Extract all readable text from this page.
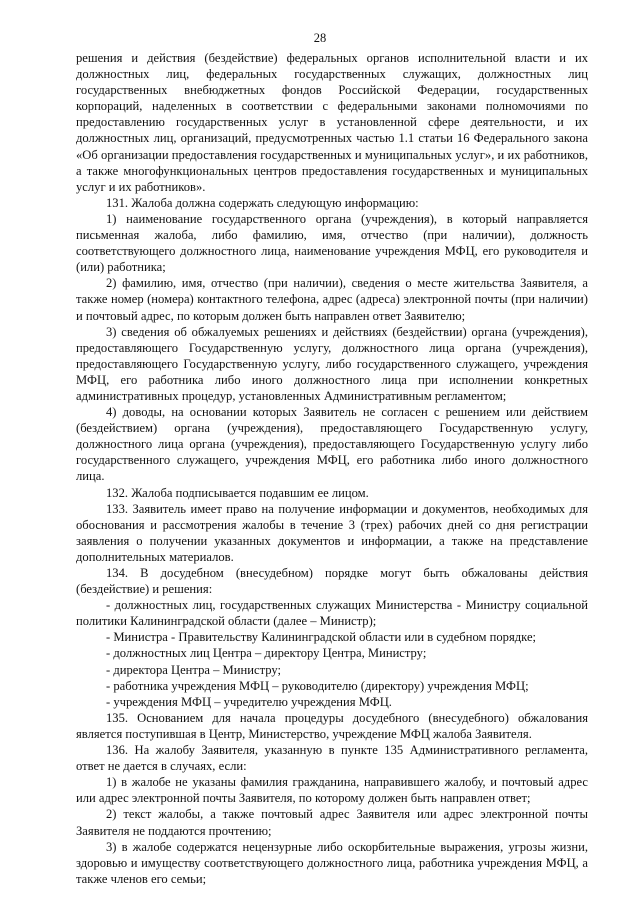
28

решения и действия (бездействие) федеральных органов исполнительной власти и их должностных лиц, федеральных государственных служащих, должностных лиц государственных внебюджетных фондов Российской Федерации, государственных корпораций, наделенных в соответствии с федеральными законами полномочиями по предоставлению государственных услуг в установленной сфере деятельности, и их должностных лиц, организаций, предусмотренных частью 1.1 статьи 16 Федерального закона «Об организации предоставления государственных и муниципальных услуг», и их работников, а также многофункциональных центров предоставления государственных и муниципальных услуг и их работников».

131. Жалоба должна содержать следующую информацию:

1) наименование государственного органа (учреждения), в который направляется письменная жалоба, либо фамилию, имя, отчество (при наличии), должность соответствующего должностного лица, наименование учреждения МФЦ, его руководителя и (или) работника;

2) фамилию, имя, отчество (при наличии), сведения о месте жительства Заявителя, а также номер (номера) контактного телефона, адрес (адреса) электронной почты (при наличии) и почтовый адрес, по которым должен быть направлен ответ Заявителю;

3) сведения об обжалуемых решениях и действиях (бездействии) органа (учреждения), предоставляющего Государственную услугу, должностного лица органа (учреждения), предоставляющего Государственную услугу, либо государственного служащего, учреждения МФЦ, его работника либо иного должностного лица при исполнении конкретных административных процедур, установленных Административным регламентом;

4) доводы, на основании которых Заявитель не согласен с решением или действием (бездействием) органа (учреждения), предоставляющего Государственную услугу, должностного лица органа (учреждения), предоставляющего Государственную услугу либо государственного служащего, учреждения МФЦ, его работника либо иного должностного лица.

132. Жалоба подписывается подавшим ее лицом.

133. Заявитель имеет право на получение информации и документов, необходимых для обоснования и рассмотрения жалобы в течение 3 (трех) рабочих дней со дня регистрации заявления о получении указанных документов и информации, а также на представление дополнительных материалов.

134. В досудебном (внесудебном) порядке могут быть обжалованы действия (бездействие) и решения:

- должностных лиц, государственных служащих Министерства - Министру социальной политики Калининградской области (далее – Министр);

- Министра - Правительству Калининградской области или в судебном порядке;

- должностных лиц Центра – директору Центра, Министру;

- директора Центра – Министру;

- работника учреждения МФЦ – руководителю (директору) учреждения МФЦ;

- учреждения МФЦ – учредителю учреждения МФЦ.

135. Основанием для начала процедуры досудебного (внесудебного) обжалования является поступившая в Центр, Министерство, учреждение МФЦ жалоба Заявителя.

136. На жалобу Заявителя, указанную в пункте 135 Административного регламента, ответ не дается в случаях, если:

1) в жалобе не указаны фамилия гражданина, направившего жалобу, и почтовый адрес или адрес электронной почты Заявителя, по которому должен быть направлен ответ;

2) текст жалобы, а также почтовый адрес Заявителя или адрес электронной почты Заявителя не поддаются прочтению;

3) в жалобе содержатся нецензурные либо оскорбительные выражения, угрозы жизни, здоровью и имуществу соответствующего должностного лица, работника учреждения МФЦ, а также членов его семьи;
